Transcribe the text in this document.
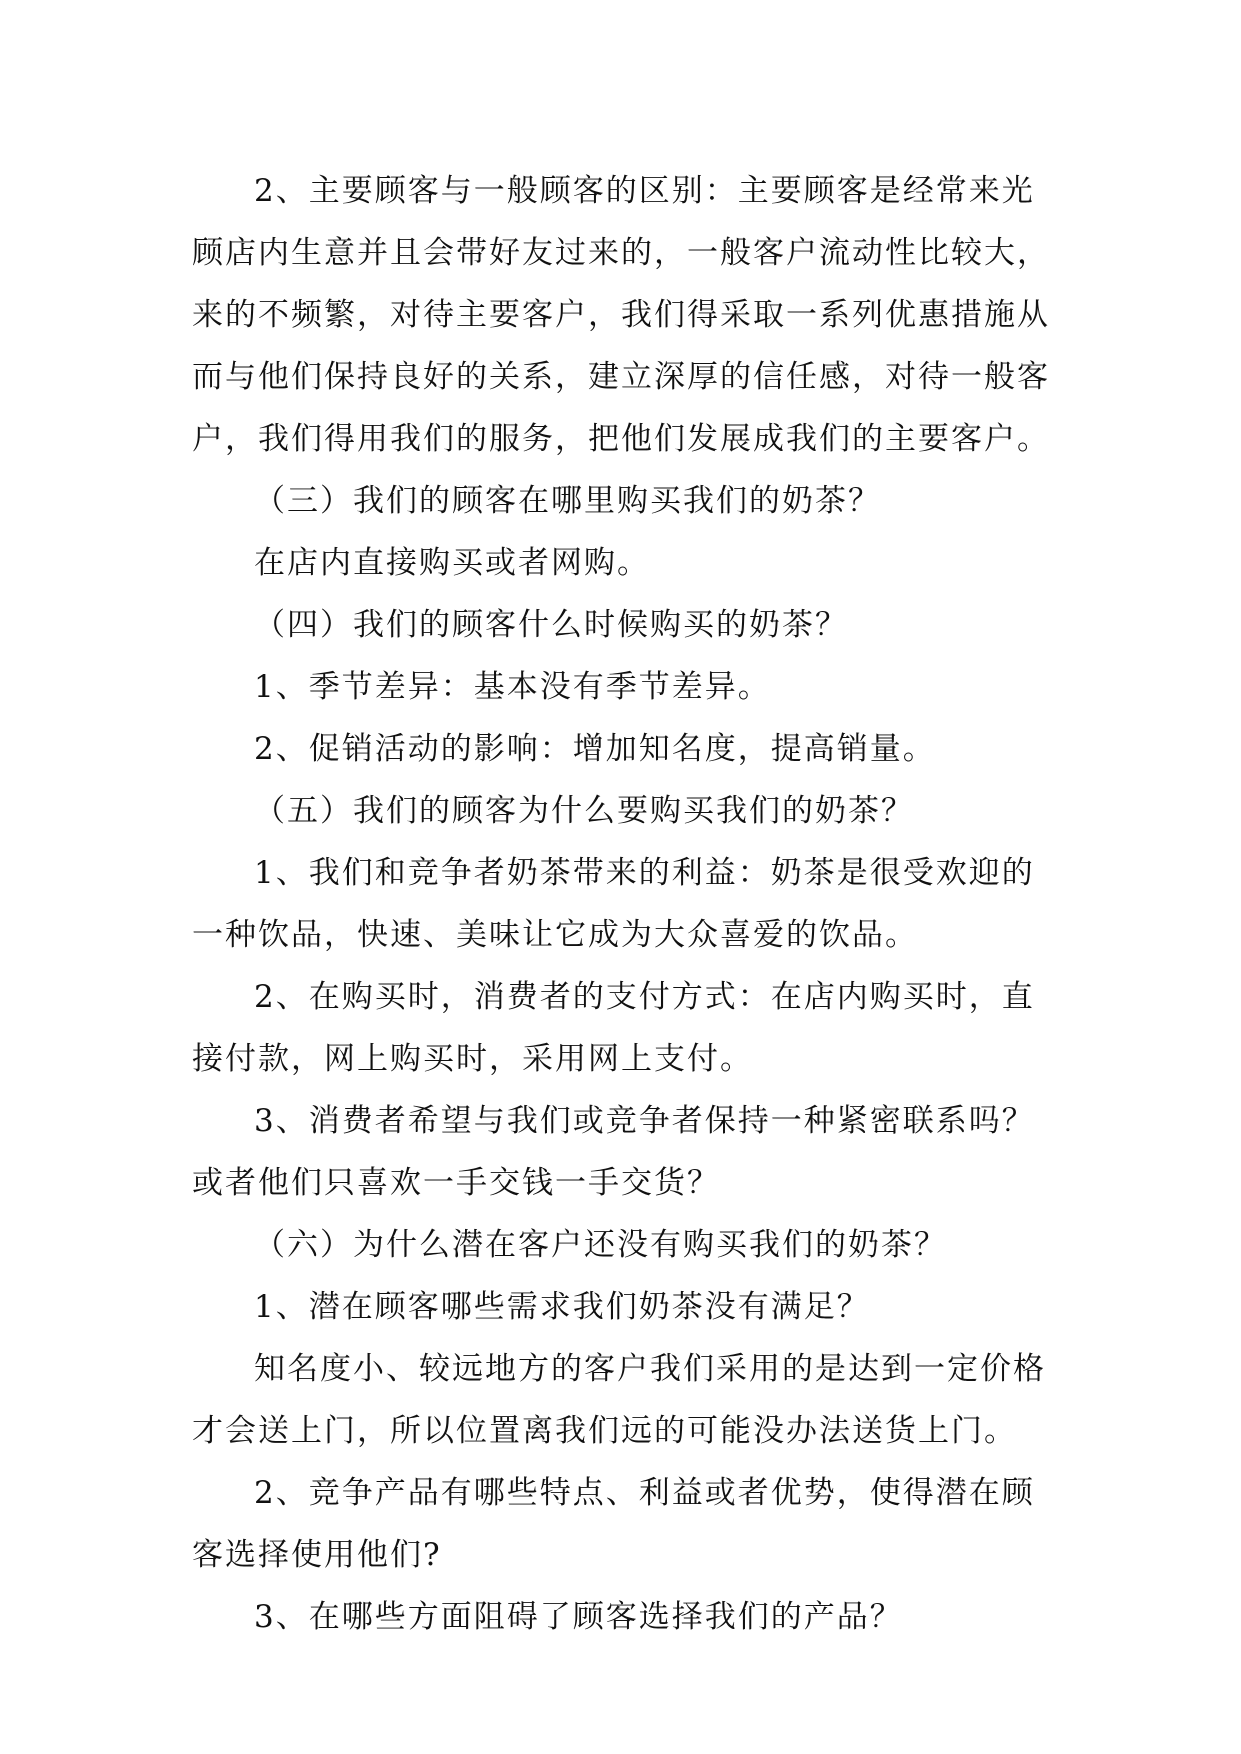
2、主要顾客与一般顾客的区别：主要顾客是经常来光
顾店内生意并且会带好友过来的，一般客户流动性比较大，
来的不频繁，对待主要客户，我们得采取一系列优惠措施从
而与他们保持良好的关系，建立深厚的信任感，对待一般客
户，我们得用我们的服务，把他们发展成我们的主要客户。
（三）我们的顾客在哪里购买我们的奶茶？
在店内直接购买或者网购。
（四）我们的顾客什么时候购买的奶茶？
1、季节差异：基本没有季节差异。
2、促销活动的影响：增加知名度，提高销量。
（五）我们的顾客为什么要购买我们的奶茶？
1、我们和竞争者奶茶带来的利益：奶茶是很受欢迎的
一种饮品，快速、美味让它成为大众喜爱的饮品。
2、在购买时，消费者的支付方式：在店内购买时，直
接付款，网上购买时，采用网上支付。
3、消费者希望与我们或竞争者保持一种紧密联系吗？
或者他们只喜欢一手交钱一手交货？
（六）为什么潜在客户还没有购买我们的奶茶？
1、潜在顾客哪些需求我们奶茶没有满足？
知名度小、较远地方的客户我们采用的是达到一定价格
才会送上门，所以位置离我们远的可能没办法送货上门。
2、竞争产品有哪些特点、利益或者优势，使得潜在顾
客选择使用他们?
3、在哪些方面阻碍了顾客选择我们的产品？
